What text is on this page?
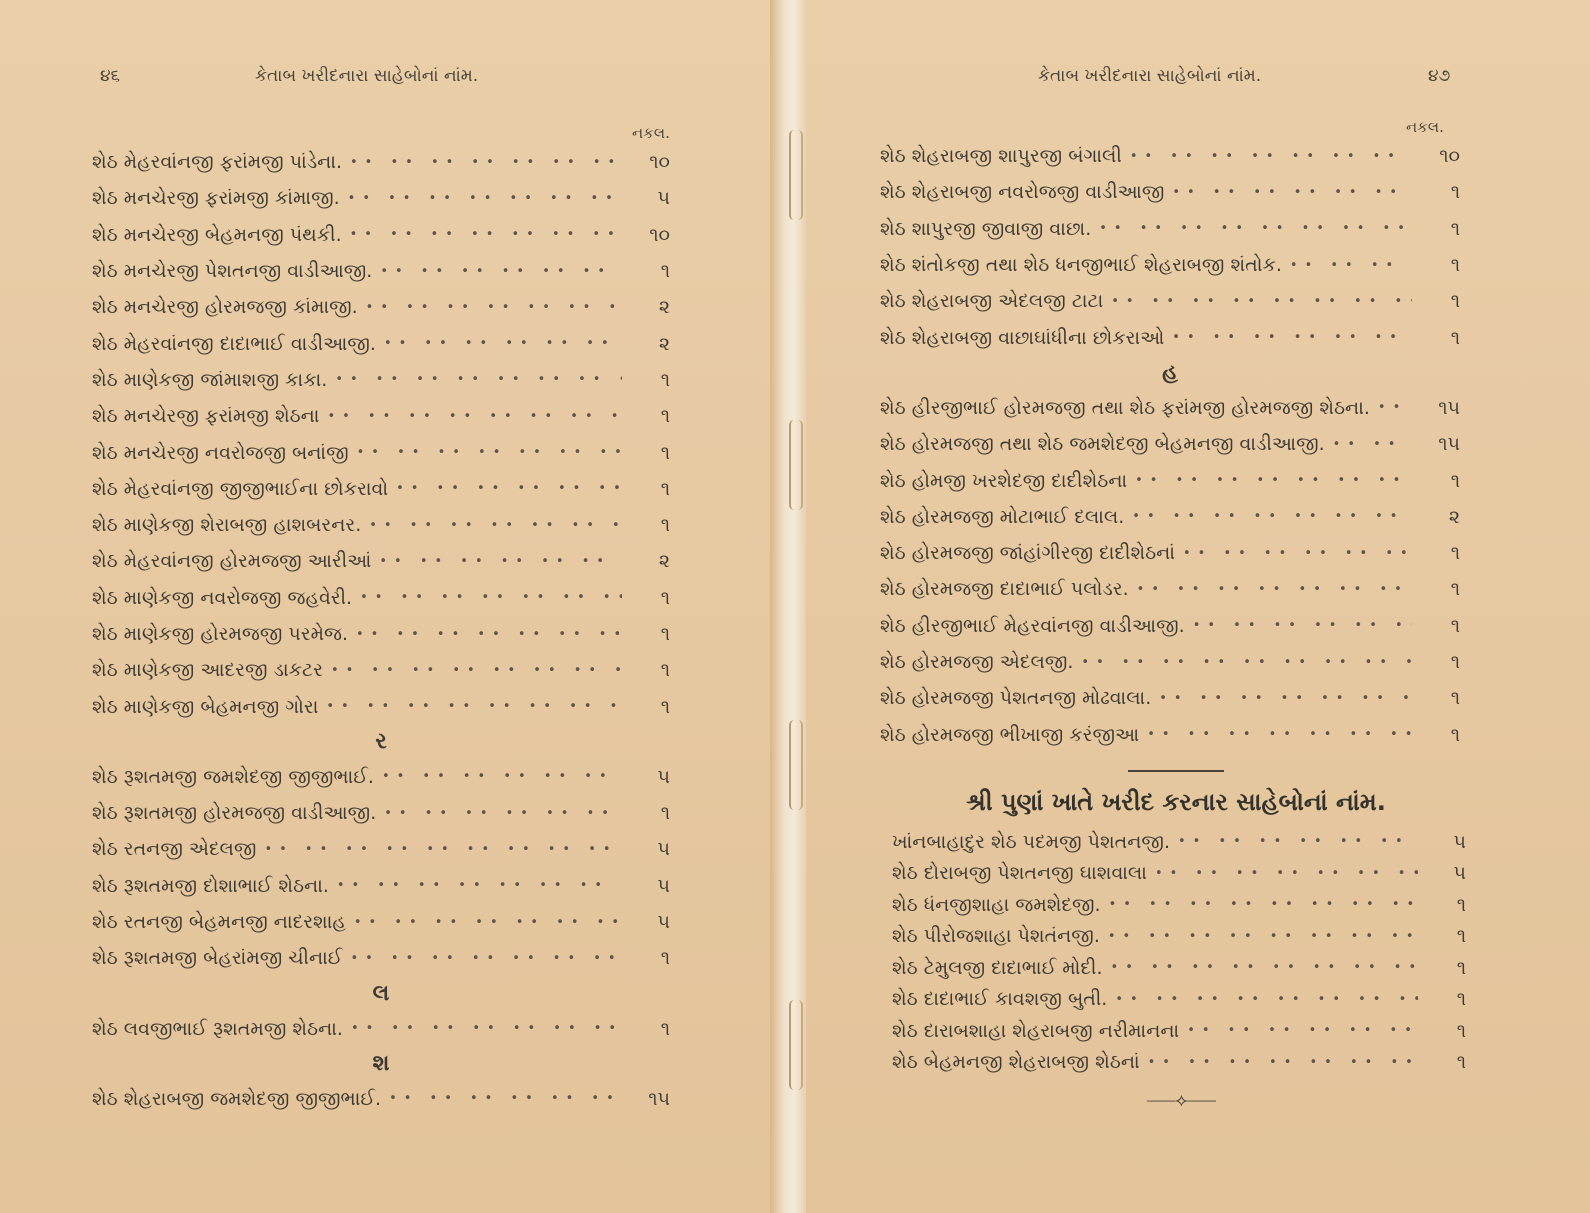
૪૬	કેતાબ ખરીદનારા સાહેબોનાં નાંમ.
નકલ.
શેઠ મેહરવાંનજી ફરાંમજી પાંડેના. •• ••	૧૦
શેઠ મનચેરજી ફરાંમજી કાંમાજી. •• ••	૫
શેઠ મનચેરજી બેહમનજી પંથકી. •• ••	૧૦
શેઠ મનચેરજી પેશતનજી વાડીઆજી. •• ••	૧
શેઠ મનચેરજી હોરમજજી કાંમાજી. •• ••	૨
શેઠ મેહરવાંનજી દાદાભાઈ વાડીઆજી. •• ••	૨
શેઠ માણેકજી જાંમાશજી કાકા. •• ••	૧
શેઠ મનચેરજી ફરાંમજી શેઠના •• ••	૧
શેઠ મનચેરજી નવરોજજી બનાંજી •• ••	૧
શેઠ મેહરવાંનજી જીજીભાઈના છોકરાવો •• ••	૧
શેઠ માણેકજી શેરાબજી હાશબરનર. •• ••	૧
શેઠ મેહરવાંનજી હોરમજજી આરીઆં •• ••	૨
શેઠ માણેકજી નવરોજજી જહવેરી. •• ••	૧
શેઠ માણેકજી હોરમજજી પરમેજ. •• ••	૧
શેઠ માણેકજી આદરજી ડાકટર •• ••	૧
શેઠ માણેકજી બેહમનજી ગોરા •• ••	૧
ર
શેઠ રૂશતમજી જમશેદજી જીજીભાઈ. •• ••	૫
શેઠ રૂશતમજી હોરમજજી વાડીઆજી. •• ••	૧
શેઠ રતનજી એદલજી •• ••	૫
શેઠ રૂશતમજી દોશાભાઈ શેઠના. •• ••	૫
શેઠ રતનજી બેહમનજી નાદરશાહ •• ••	૫
શેઠ રૂશતમજી બેહરાંમજી ચીનાઈ •• ••	૧
લ
શેઠ લવજીભાઈ રૂશતમજી શેઠના. •• ••	૧
શ
શેઠ શેહરાબજી જમશેદજી જીજીભાઈ. •• ••	૧૫
કેતાબ ખરીદનારા સાહેબોનાં નાંમ.	૪૭
નકલ.
શેઠ શેહરાબજી શાપુરજી બંગાલી •• ••	૧૦
શેઠ શેહરાબજી નવરોજજી વાડીઆજી •• ••	૧
શેઠ શાપુરજી જીવાજી વાછા. •• ••	૧
શેઠ શંતોકજી તથા શેઠ ધનજીભાઈ શેહરાબજી શંતોક. •• ••	૧
શેઠ શેહરાબજી એદલજી ટાટા •• ••	૧
શેઠ શેહરાબજી વાછાઘાંધીના છોકરાઓ •• ••	૧
હ
શેઠ હીરજીભાઈ હોરમજજી તથા શેઠ ફરાંમજી હોરમજજી શેઠના. •• ••	૧૫
શેઠ હોરમજજી તથા શેઠ જમશેદજી બેહમનજી વાડીઆજી. •• ••	૧૫
શેઠ હોમજી ખરશેદજી દાદીશેઠના •• ••	૧
શેઠ હોરમજજી મોટાભાઈ દલાલ. •• ••	૨
શેઠ હોરમજજી જાંહાંગીરજી દાદીશેઠનાં •• ••	૧
શેઠ હોરમજજી દાદાભાઈ પલોડર. •• ••	૧
શેઠ હીરજીભાઈ મેહરવાંનજી વાડીઆજી. •• ••	૧
શેઠ હોરમજજી એદલજી. •• ••	૧
શેઠ હોરમજજી પેશતનજી મોઢવાલા. •• ••	૧
શેઠ હોરમજજી ભીખાજી કરંજીઆ •• ••	૧
શ્રી પુણાં ખાતે ખરીદ કરનાર સાહેબોનાં નાંમ.
ખાંનબાહાદુર શેઠ પદમજી પેશતનજી. •• ••	૫
શેઠ દોરાબજી પેશતનજી ઘાશવાલા •• ••	૫
શેઠ ધંનજીશાહા જમશેદજી. •• ••	૧
શેઠ પીરોજશાહા પેશતંનજી. •• ••	૧
શેઠ ટેમુલજી દાદાભાઈ મોદી. •• ••	૧
શેઠ દાદાભાઈ કાવશજી બુતી. •• ••	૧
શેઠ દારાબશાહા શેહરાબજી નરીમાનના •• ••	૧
શેઠ બેહમનજી શેહરાબજી શેઠનાં •• ••	૧
⸺⟡⸺
